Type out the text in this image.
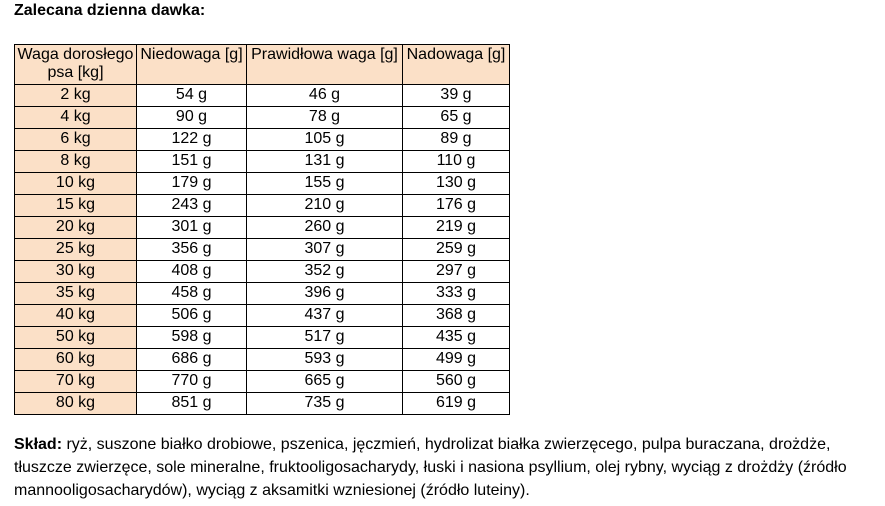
Zalecana dzienna dawka:

Waga dorosłego psa [kg]	Niedowaga [g]	Prawidłowa waga [g]	Nadowaga [g]
2 kg	54 g	46 g	39 g
4 kg	90 g	78 g	65 g
6 kg	122 g	105 g	89 g
8 kg	151 g	131 g	110 g
10 kg	179 g	155 g	130 g
15 kg	243 g	210 g	176 g
20 kg	301 g	260 g	219 g
25 kg	356 g	307 g	259 g
30 kg	408 g	352 g	297 g
35 kg	458 g	396 g	333 g
40 kg	506 g	437 g	368 g
50 kg	598 g	517 g	435 g
60 kg	686 g	593 g	499 g
70 kg	770 g	665 g	560 g
80 kg	851 g	735 g	619 g

Skład: ryż, suszone białko drobiowe, pszenica, jęczmień, hydrolizat białka zwierzęcego, pulpa buraczana, drożdże, tłuszcze zwierzęce, sole mineralne, fruktooligosacharydy, łuski i nasiona psyllium, olej rybny, wyciąg z drożdży (źródło mannooligosacharydów), wyciąg z aksamitki wzniesionej (źródło luteiny).
